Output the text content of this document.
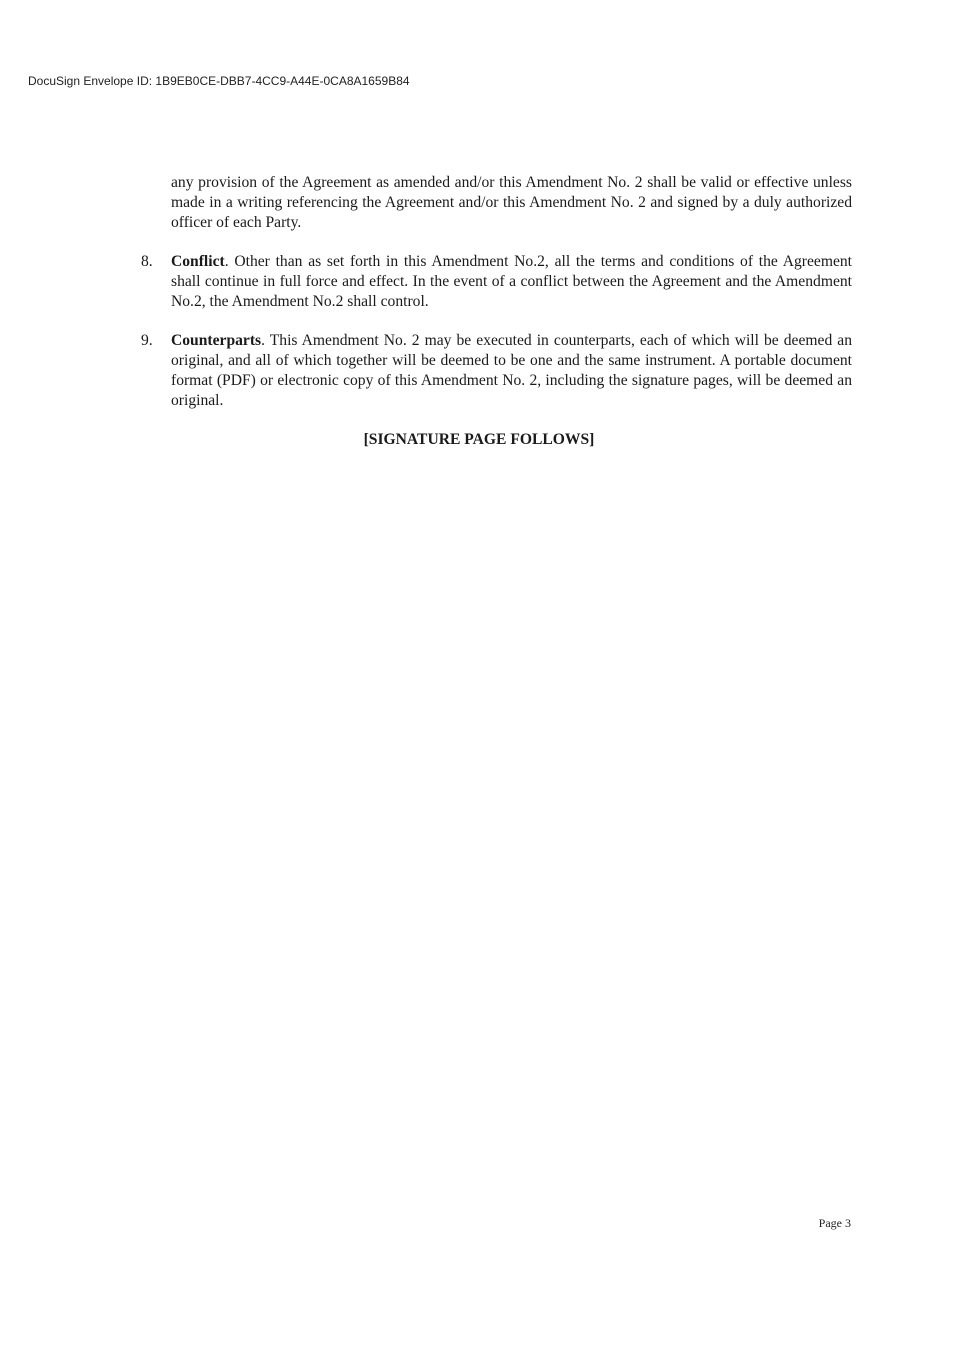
DocuSign Envelope ID: 1B9EB0CE-DBB7-4CC9-A44E-0CA8A1659B84

any provision of the Agreement as amended and/or this Amendment No. 2 shall be valid or effective unless made in a writing referencing the Agreement and/or this Amendment No. 2 and signed by a duly authorized officer of each Party.

8. Conflict. Other than as set forth in this Amendment No.2, all the terms and conditions of the Agreement shall continue in full force and effect. In the event of a conflict between the Agreement and the Amendment No.2, the Amendment No.2 shall control.
9. Counterparts. This Amendment No. 2 may be executed in counterparts, each of which will be deemed an original, and all of which together will be deemed to be one and the same instrument. A portable document format (PDF) or electronic copy of this Amendment No. 2, including the signature pages, will be deemed an original.
[SIGNATURE PAGE FOLLOWS]
Page 3
